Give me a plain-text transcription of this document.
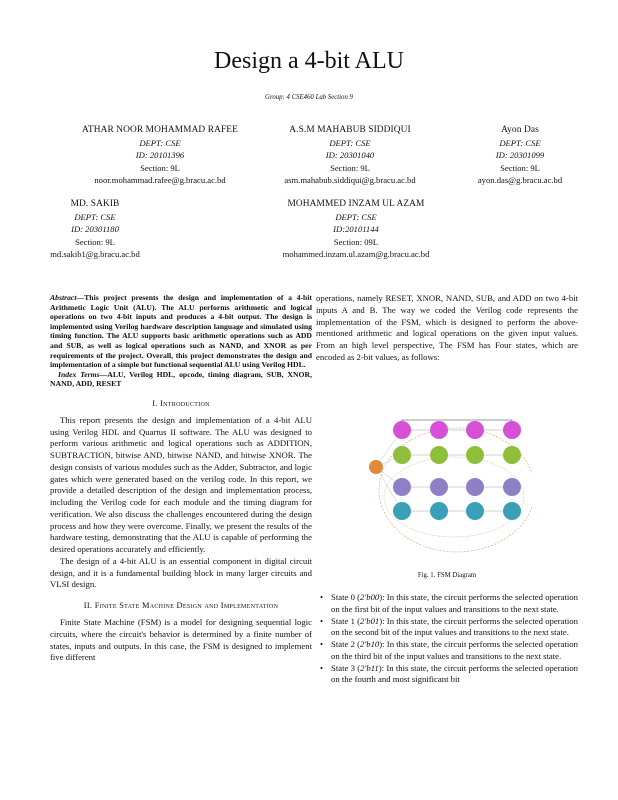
Design a 4-bit ALU
Group: 4 CSE460 Lab Section 9
ATHAR NOOR MOHAMMAD RAFEE
DEPT: CSE
ID: 20101396
Section: 9L
noor.mohammad.rafee@g.bracu.ac.bd
A.S.M MAHABUB SIDDIQUI
DEPT: CSE
ID: 20301040
Section: 9L
asm.mahabub.siddiqui@g.bracu.ac.bd
Ayon Das
DEPT: CSE
ID: 20301099
Section: 9L
ayon.das@g.bracu.ac.bd
MD. SAKIB
DEPT: CSE
ID: 20301180
Section: 9L
md.sakib1@g.bracu.ac.bd
MOHAMMED INZAM UL AZAM
DEPT: CSE
ID:20101144
Section: 09L
mohammed.inzam.ul.azam@g.bracu.ac.bd

Abstract—This project presents the design and implementation of a 4-bit Arithmetic Logic Unit (ALU). The ALU performs arithmetic and logical operations on two 4-bit inputs and produces a 4-bit output. The design is implemented using Verilog hardware description language and simulated using timing function. The ALU supports basic arithmetic operations such as ADD and SUB, as well as logical operations such as NAND, and XNOR as per requirements of the project. Overall, this project demonstrates the design and implementation of a simple but functional sequential ALU using Verilog HDL.

Index Terms—ALU, Verilog HDL, opcode, timing diagram, SUB, XNOR, NAND, ADD, RESET

I. Introduction

This report presents the design and implementation of a 4-bit ALU using Verilog HDL and Quartus II software. The ALU was designed to perform various arithmetic and logical operations such as ADDITION, SUBTRACTION, bitwise AND, bitwise NAND, and bitwise XNOR. The design consists of various modules such as the Adder, Subtractor, and logic gates which were generated based on the verilog code. In this report, we provide a detailed description of the design and implementation process, including the Verilog code for each module and the timing diagram for verification. We also discuss the challenges encountered during the design process and how they were overcome. Finally, we present the results of the hardware testing, demonstrating that the ALU is capable of performing the desired operations accurately and efficiently.

The design of a 4-bit ALU is an essential component in digital circuit design, and it is a fundamental building block in many larger circuits and VLSI design.

II. Finite State Machine Design and Implementation

Finite State Machine (FSM) is a model for designing sequential logic circuits, where the circuit's behavior is determined by a finite number of states, inputs and outputs. In this case, the FSM is designed to implement five different

operations, namely RESET, XNOR, NAND, SUB, and ADD on two 4-bit inputs A and B. The way we coded the Verilog code represents the implementation of the FSM, which is designed to perform the above-mentioned arithmetic and logical operations on the given input values. From an high level perspective, The FSM has Four states, which are encoded as 2-bit values, as follows:

Fig. 1. FSM Diagram
• State 0 (2'b00): In this state, the circuit performs the selected operation on the first bit of the input values and transitions to the next state.
• State 1 (2'b01): In this state, the circuit performs the selected operation on the second bit of the input values and transitions to the next state.
• State 2 (2'b10): In this state, the circuit performs the selected operation on the third bit of the input values and transitions to the next state.
• State 3 (2'b11): In this state, the circuit performs the selected operation on the fourth and most significant bit
